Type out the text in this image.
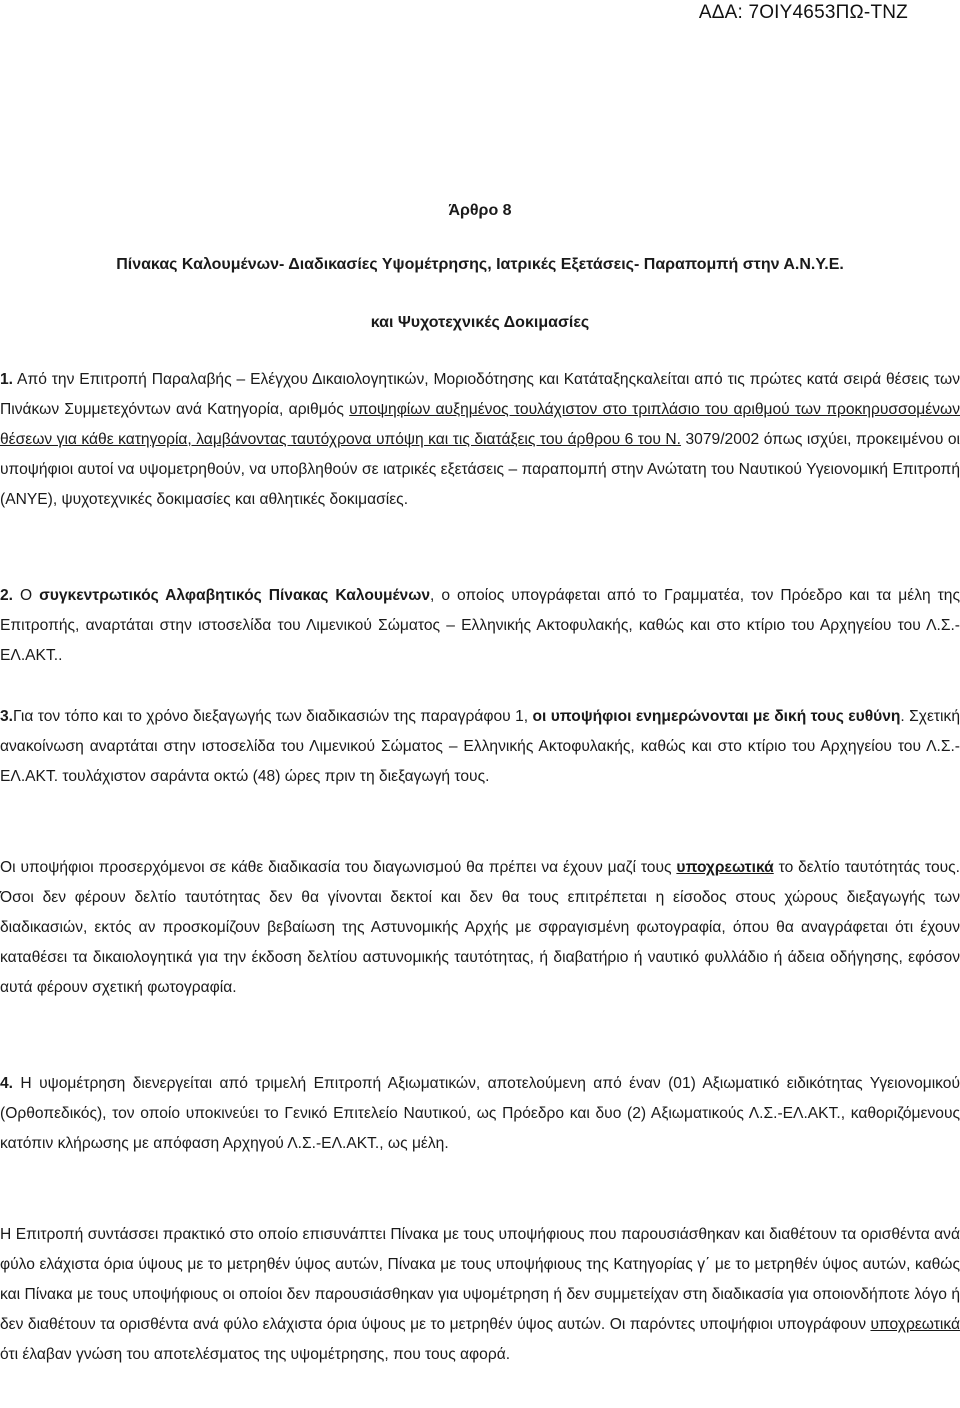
ΑΔΑ: 7ΟΙΥ4653ΠΩ-ΤΝΖ
Άρθρο 8
Πίνακας Καλουμένων- Διαδικασίες Υψομέτρησης, Ιατρικές Εξετάσεις- Παραπομπή στην Α.Ν.Υ.Ε.
και Ψυχοτεχνικές Δοκιμασίες

1. Από την Επιτροπή Παραλαβής – Ελέγχου Δικαιολογητικών, Μοριοδότησης και Κατάταξηςκαλείται από τις πρώτες κατά σειρά θέσεις των Πινάκων Συμμετεχόντων ανά Κατηγορία, αριθμός υποψηφίων αυξημένος τουλάχιστον στο τριπλάσιο του αριθμού των προκηρυσσομένων θέσεων για κάθε κατηγορία, λαμβάνοντας ταυτόχρονα υπόψη και τις διατάξεις του άρθρου 6 του Ν. 3079/2002 όπως ισχύει, προκειμένου οι υποψήφιοι αυτοί να υψομετρηθούν, να υποβληθούν σε ιατρικές εξετάσεις – παραπομπή στην Ανώτατη του Ναυτικού Υγειονομική Επιτροπή (ΑΝΥΕ), ψυχοτεχνικές δοκιμασίες και αθλητικές δοκιμασίες.

2. Ο συγκεντρωτικός Αλφαβητικός Πίνακας Καλουμένων, ο οποίος υπογράφεται από το Γραμματέα, τον Πρόεδρο και τα μέλη της Επιτροπής, αναρτάται στην ιστοσελίδα του Λιμενικού Σώματος – Ελληνικής Ακτοφυλακής, καθώς και στο κτίριο του Αρχηγείου του Λ.Σ.-ΕΛ.ΑΚΤ..

3.Για τον τόπο και το χρόνο διεξαγωγής των διαδικασιών της παραγράφου 1, οι υποψήφιοι ενημερώνονται με δική τους ευθύνη. Σχετική ανακοίνωση αναρτάται στην ιστοσελίδα του Λιμενικού Σώματος – Ελληνικής Ακτοφυλακής, καθώς και στο κτίριο του Αρχηγείου του Λ.Σ.-ΕΛ.ΑΚΤ. τουλάχιστον σαράντα οκτώ (48) ώρες πριν τη διεξαγωγή τους.

Οι υποψήφιοι προσερχόμενοι σε κάθε διαδικασία του διαγωνισμού θα πρέπει να έχουν μαζί τους υποχρεωτικά το δελτίο ταυτότητάς τους. Όσοι δεν φέρουν δελτίο ταυτότητας δεν θα γίνονται δεκτοί και δεν θα τους επιτρέπεται η είσοδος στους χώρους διεξαγωγής των διαδικασιών, εκτός αν προσκομίζουν βεβαίωση της Αστυνομικής Αρχής με σφραγισμένη φωτογραφία, όπου θα αναγράφεται ότι έχουν καταθέσει τα δικαιολογητικά για την έκδοση δελτίου αστυνομικής ταυτότητας, ή διαβατήριο ή ναυτικό φυλλάδιο ή άδεια οδήγησης, εφόσον αυτά φέρουν σχετική φωτογραφία.

4. Η υψομέτρηση διενεργείται από τριμελή Επιτροπή Αξιωματικών, αποτελούμενη από έναν (01) Αξιωματικό ειδικότητας Υγειονομικού (Ορθοπεδικός), τον οποίο υποκινεύει το Γενικό Επιτελείο Ναυτικού, ως Πρόεδρο και δυο (2) Αξιωματικούς Λ.Σ.-ΕΛ.ΑΚΤ., καθοριζόμενους κατόπιν κλήρωσης με απόφαση Αρχηγού Λ.Σ.-ΕΛ.ΑΚΤ., ως μέλη.

Η Επιτροπή συντάσσει πρακτικό στο οποίο επισυνάπτει Πίνακα με τους υποψήφιους που παρουσιάσθηκαν και διαθέτουν τα ορισθέντα ανά φύλο ελάχιστα όρια ύψους με το μετρηθέν ύψος αυτών, Πίνακα με τους υποψήφιους της Κατηγορίας γ΄ με το μετρηθέν ύψος αυτών, καθώς και Πίνακα με τους υποψήφιους οι οποίοι δεν παρουσιάσθηκαν για υψομέτρηση ή δεν συμμετείχαν στη διαδικασία για οποιονδήποτε λόγο ή δεν διαθέτουν τα ορισθέντα ανά φύλο ελάχιστα όρια ύψους με το μετρηθέν ύψος αυτών. Οι παρόντες υποψήφιοι υπογράφουν υποχρεωτικά ότι έλαβαν γνώση του αποτελέσματος της υψομέτρησης, που τους αφορά.
